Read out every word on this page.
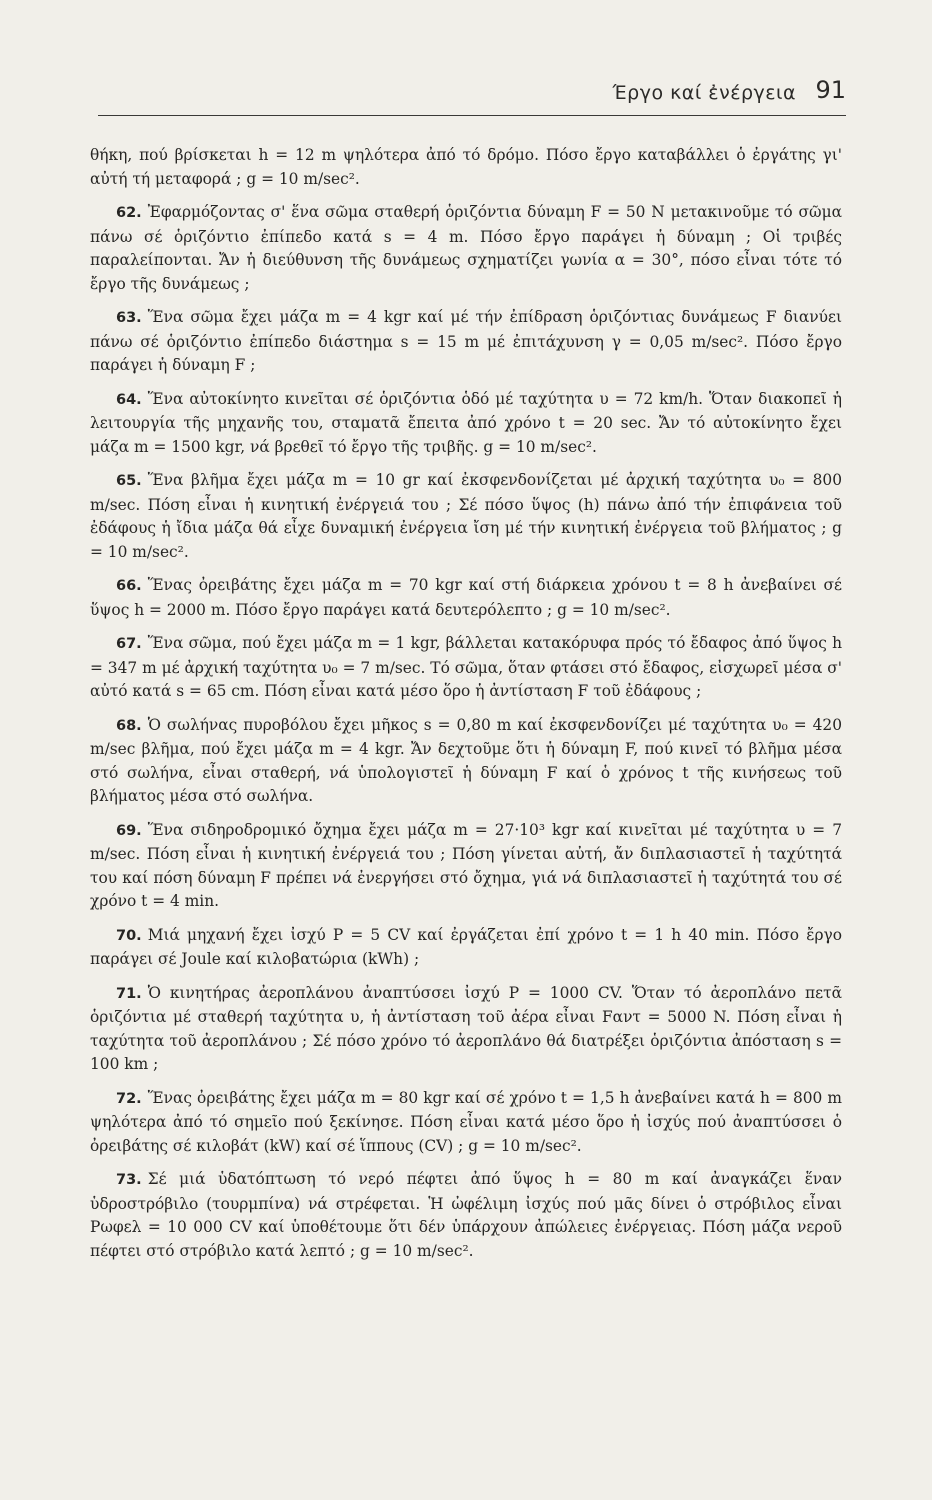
Έργο καί ἐνέργεια 91

θήκη, πού βρίσκεται h = 12 m ψηλότερα ἀπό τό δρόμο. Πόσο ἔργο καταβάλλει ὁ ἐργάτης γι' αὐτή τή μεταφορά ; g = 10 m/sec².

62. Ἐφαρμόζοντας σ' ἕνα σῶμα σταθερή ὁριζόντια δύναμη F = 50 N μετακινοῦμε τό σῶμα πάνω σέ ὁριζόντιο ἐπίπεδο κατά s = 4 m. Πόσο ἔργο παράγει ἡ δύναμη ; Οἱ τριβές παραλείπονται. Ἄν ἡ διεύθυνση τῆς δυνάμεως σχηματίζει γωνία α = 30°, πόσο εἶναι τότε τό ἔργο τῆς δυνάμεως ;

63. Ἕνα σῶμα ἔχει μάζα m = 4 kgr καί μέ τήν ἐπίδραση ὁριζόντιας δυνάμεως F διανύει πάνω σέ ὁριζόντιο ἐπίπεδο διάστημα s = 15 m μέ ἐπιτάχυνση γ = 0,05 m/sec². Πόσο ἔργο παράγει ἡ δύναμη F ;

64. Ἕνα αὐτοκίνητο κινεῖται σέ ὁριζόντια ὁδό μέ ταχύτητα υ = 72 km/h. Ὅταν διακοπεῖ ἡ λειτουργία τῆς μηχανῆς του, σταματᾶ ἔπειτα ἀπό χρόνο t = 20 sec. Ἄν τό αὐτοκίνητο ἔχει μάζα m = 1500 kgr, νά βρεθεῖ τό ἔργο τῆς τριβῆς. g = 10 m/sec².

65. Ἕνα βλῆμα ἔχει μάζα m = 10 gr καί ἐκσφενδονίζεται μέ ἀρχική ταχύτητα υ₀ = 800 m/sec. Πόση εἶναι ἡ κινητική ἐνέργειά του ; Σέ πόσο ὕψος (h) πάνω ἀπό τήν ἐπιφάνεια τοῦ ἐδάφους ἡ ἴδια μάζα θά εἶχε δυναμική ἐνέργεια ἴση μέ τήν κινητική ἐνέργεια τοῦ βλήματος ; g = 10 m/sec².

66. Ἕνας ὀρειβάτης ἔχει μάζα m = 70 kgr καί στή διάρκεια χρόνου t = 8 h ἀνεβαίνει σέ ὕψος h = 2000 m. Πόσο ἔργο παράγει κατά δευτερόλεπτο ; g = 10 m/sec².

67. Ἕνα σῶμα, πού ἔχει μάζα m = 1 kgr, βάλλεται κατακόρυφα πρός τό ἔδαφος ἀπό ὕψος h = 347 m μέ ἀρχική ταχύτητα υ₀ = 7 m/sec. Τό σῶμα, ὅταν φτάσει στό ἔδαφος, εἰσχωρεῖ μέσα σ' αὐτό κατά s = 65 cm. Πόση εἶναι κατά μέσο ὅρο ἡ ἀντίσταση F τοῦ ἐδάφους ;

68. Ὁ σωλήνας πυροβόλου ἔχει μῆκος s = 0,80 m καί ἐκσφενδονίζει μέ ταχύτητα υ₀ = 420 m/sec βλῆμα, πού ἔχει μάζα m = 4 kgr. Ἄν δεχτοῦμε ὅτι ἡ δύναμη F, πού κινεῖ τό βλῆμα μέσα στό σωλήνα, εἶναι σταθερή, νά ὑπολογιστεῖ ἡ δύναμη F καί ὁ χρόνος t τῆς κινήσεως τοῦ βλήματος μέσα στό σωλήνα.

69. Ἕνα σιδηροδρομικό ὄχημα ἔχει μάζα m = 27·10³ kgr καί κινεῖται μέ ταχύτητα υ = 7 m/sec. Πόση εἶναι ἡ κινητική ἐνέργειά του ; Πόση γίνεται αὐτή, ἄν διπλασιαστεῖ ἡ ταχύτητά του καί πόση δύναμη F πρέπει νά ἐνεργήσει στό ὄχημα, γιά νά διπλασιαστεῖ ἡ ταχύτητά του σέ χρόνο t = 4 min.

70. Μιά μηχανή ἔχει ἰσχύ P = 5 CV καί ἐργάζεται ἐπί χρόνο t = 1 h 40 min. Πόσο ἔργο παράγει σέ Joule καί κιλοβατώρια (kWh) ;

71. Ὁ κινητήρας ἀεροπλάνου ἀναπτύσσει ἰσχύ P = 1000 CV. Ὅταν τό ἀεροπλάνο πετᾶ ὁριζόντια μέ σταθερή ταχύτητα υ, ἡ ἀντίσταση τοῦ ἀέρα εἶναι Fαντ = 5000 N. Πόση εἶναι ἡ ταχύτητα τοῦ ἀεροπλάνου ; Σέ πόσο χρόνο τό ἀεροπλάνο θά διατρέξει ὁριζόντια ἀπόσταση s = 100 km ;

72. Ἕνας ὀρειβάτης ἔχει μάζα m = 80 kgr καί σέ χρόνο t = 1,5 h ἀνεβαίνει κατά h = 800 m ψηλότερα ἀπό τό σημεῖο πού ξεκίνησε. Πόση εἶναι κατά μέσο ὅρο ἡ ἰσχύς πού ἀναπτύσσει ὁ ὀρειβάτης σέ κιλοβάτ (kW) καί σέ ἵππους (CV) ; g = 10 m/sec².

73. Σέ μιά ὑδατόπτωση τό νερό πέφτει ἀπό ὕψος h = 80 m καί ἀναγκάζει ἕναν ὑδροστρόβιλο (τουρμπίνα) νά στρέφεται. Ἡ ὠφέλιμη ἰσχύς πού μᾶς δίνει ὁ στρόβιλος εἶναι Pωφελ = 10 000 CV καί ὑποθέτουμε ὅτι δέν ὑπάρχουν ἀπώλειες ἐνέργειας. Πόση μάζα νεροῦ πέφτει στό στρόβιλο κατά λεπτό ; g = 10 m/sec².
